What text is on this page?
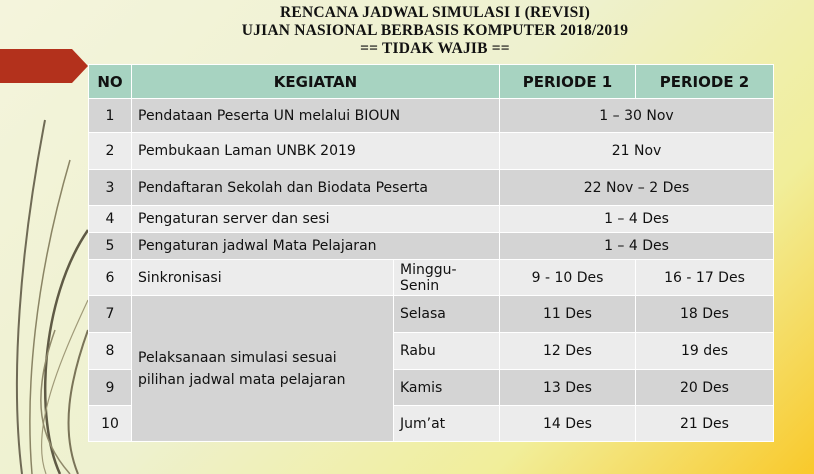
RENCANA JADWAL SIMULASI I (REVISI)
UJIAN NASIONAL BERBASIS KOMPUTER 2018/2019
== TIDAK WAJIB ==
NO	KEGIATAN		PERIODE 1	PERIODE 2
1	Pendataan Peserta UN melalui BIOUN		1 – 30 Nov	
2	Pembukaan Laman UNBK 2019		21 Nov	
3	Pendaftaran Sekolah dan Biodata Peserta		22 Nov – 2 Des	
4	Pengaturan server dan sesi		1 – 4 Des	
5	Pengaturan jadwal Mata Pelajaran		1 – 4 Des	
6	Sinkronisasi	Minggu-Senin	9 - 10 Des	16 - 17 Des
7	Pelaksanaan simulasi sesuai
pilihan jadwal mata pelajaran	Selasa	11 Des	18 Des
8		Rabu	12 Des	19 des
9		Kamis	13 Des	20 Des
10		Jum’at	14 Des	21 Des
